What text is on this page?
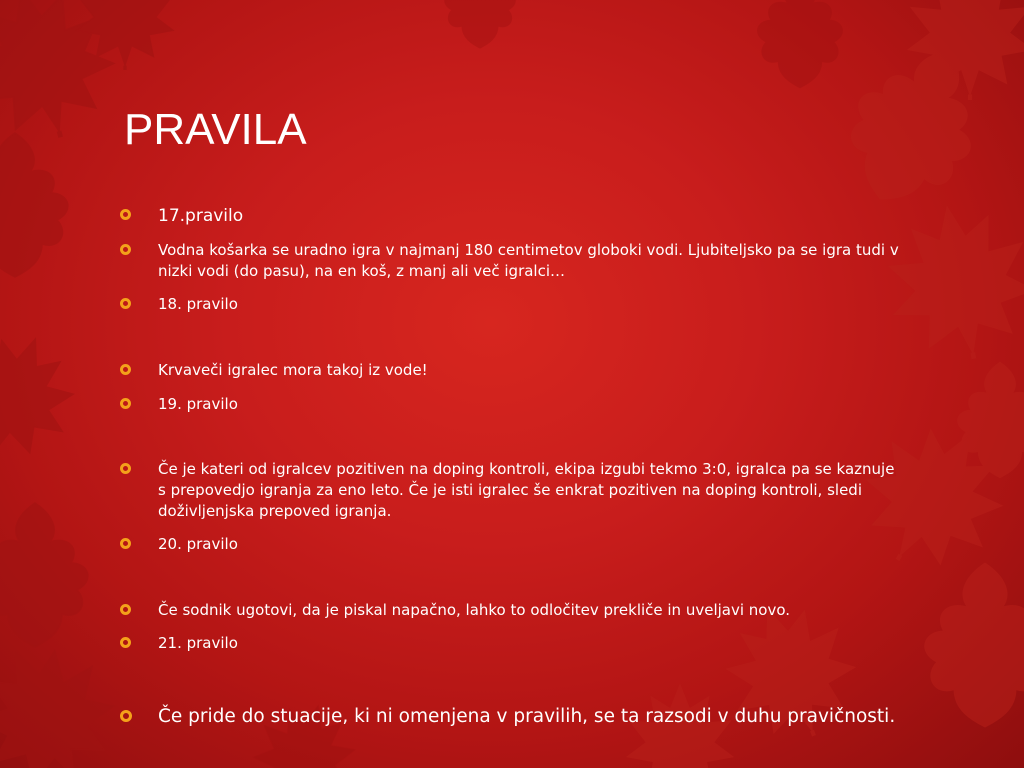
PRAVILA
17.pravilo
Vodna košarka se uradno igra v najmanj 180 centimetov globoki vodi. Ljubiteljsko pa se igra tudi v nizki vodi (do pasu), na en koš, z manj ali več igralci…
18. pravilo
Krvaveči igralec mora takoj iz vode!
19. pravilo
Če je kateri od igralcev pozitiven na doping kontroli, ekipa izgubi tekmo 3:0, igralca pa se kaznuje s prepovedjo igranja za eno leto. Če je isti igralec še enkrat pozitiven na doping kontroli, sledi doživljenjska prepoved igranja.
20. pravilo
Če sodnik ugotovi, da je piskal napačno, lahko to odločitev prekliče in uveljavi novo.
21. pravilo
Če pride do stuacije, ki ni omenjena v pravilih, se ta razsodi v duhu pravičnosti.
